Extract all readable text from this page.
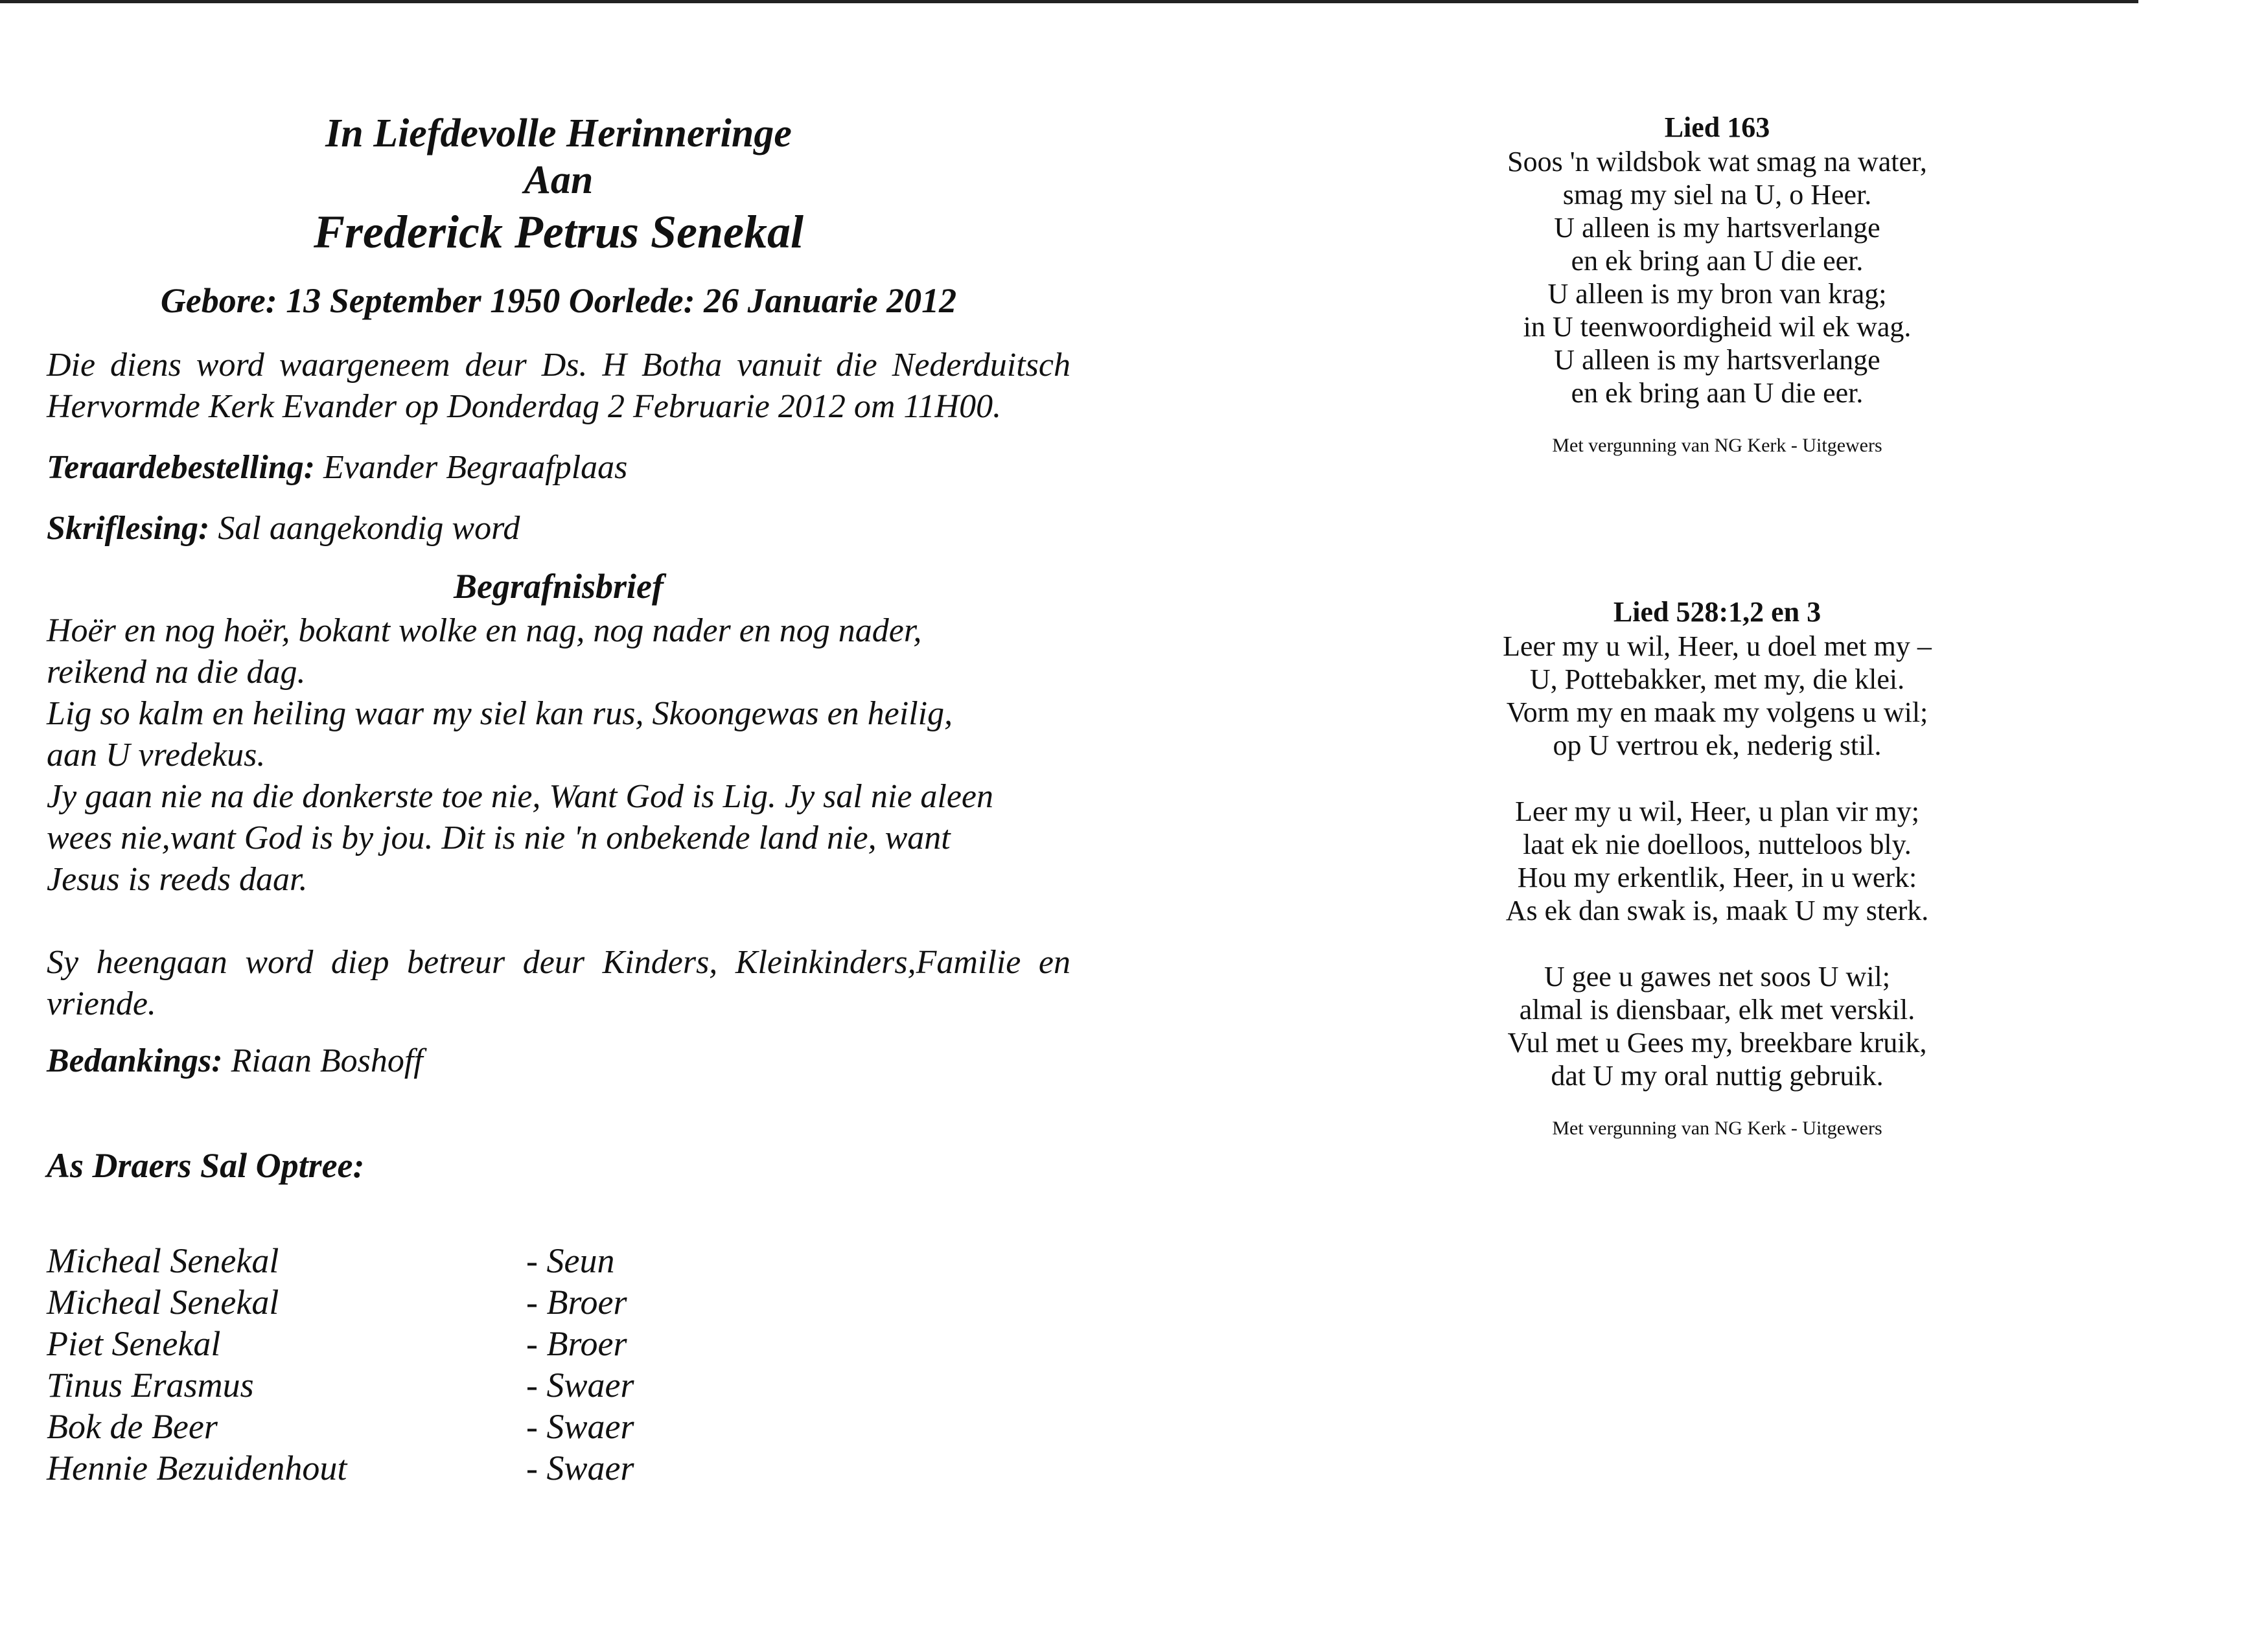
In Liefdevolle Herinneringe
Aan
Frederick Petrus Senekal
Gebore: 13 September 1950 Oorlede: 26 Januarie 2012

Die diens word waargeneem deur Ds. H Botha vanuit die Nederduitsch Hervormde Kerk Evander op Donderdag 2 Februarie 2012 om 11H00.

Teraardebestelling: Evander Begraafplaas
Skriflesing: Sal aangekondig word
Begrafnisbrief
Hoër en nog hoër, bokant wolke en nag, nog nader en nog nader,
reikend na die dag.
Lig so kalm en heiling waar my siel kan rus, Skoongewas en heilig,
aan U vredekus.
Jy gaan nie na die donkerste toe nie, Want God is Lig. Jy sal nie aleen
wees nie,want God is by jou. Dit is nie 'n onbekende land nie, want
Jesus is reeds daar.

Sy heengaan word diep betreur deur Kinders, Kleinkinders,Familie en vriende.

Bedankings: Riaan Boshoff
As Draers Sal Optree:
Micheal Senekal	- Seun
Micheal Senekal	- Broer
Piet Senekal	- Broer
Tinus Erasmus	- Swaer
Bok de Beer	- Swaer
Hennie Bezuidenhout	- Swaer
Lied 163
Soos 'n wildsbok wat smag na water,
smag my siel na U, o Heer.
U alleen is my hartsverlange
en ek bring aan U die eer.
U alleen is my bron van krag;
in U teenwoordigheid wil ek wag.
U alleen is my hartsverlange
en ek bring aan U die eer.
Met vergunning van NG Kerk - Uitgewers
Lied 528:1,2 en 3
Leer my u wil, Heer, u doel met my –
U, Pottebakker, met my, die klei.
Vorm my en maak my volgens u wil;
op U vertrou ek, nederig stil.
Leer my u wil, Heer, u plan vir my;
laat ek nie doelloos, nutteloos bly.
Hou my erkentlik, Heer, in u werk:
As ek dan swak is, maak U my sterk.
U gee u gawes net soos U wil;
almal is diensbaar, elk met verskil.
Vul met u Gees my, breekbare kruik,
dat U my oral nuttig gebruik.
Met vergunning van NG Kerk - Uitgewers
